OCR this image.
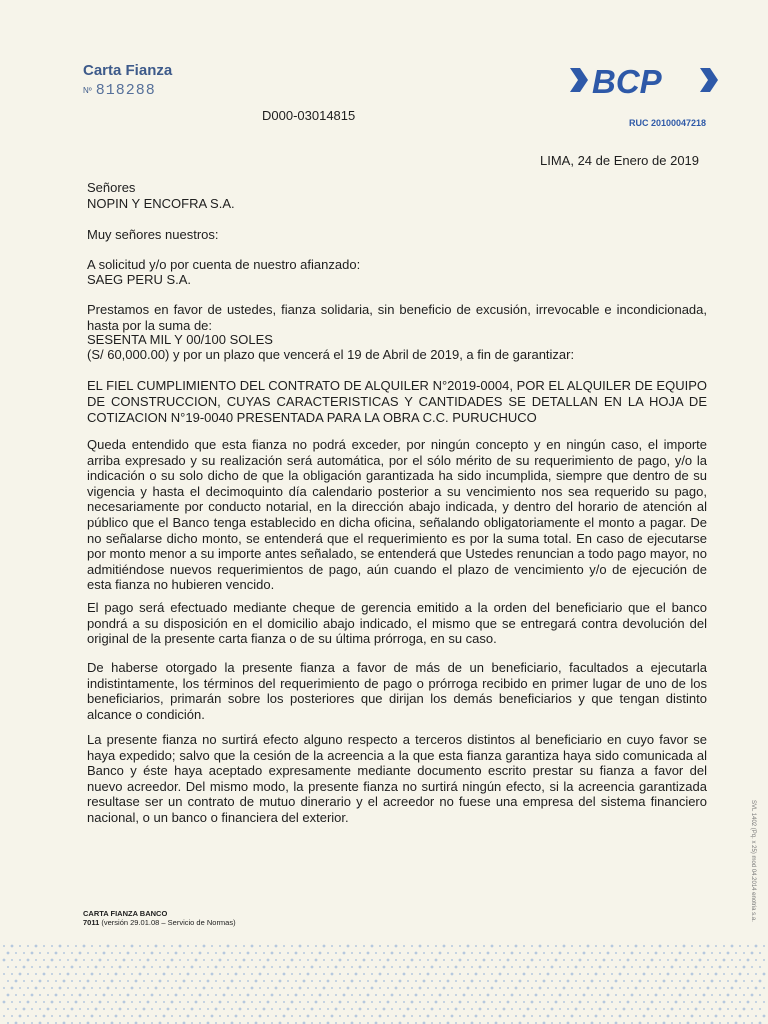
Carta Fianza
Nº 818288	BCP
RUC 20100047218
D000-03014815
LIMA, 24 de Enero de 2019
Señores
NOPIN Y ENCOFRA S.A.
Muy señores nuestros:
A solicitud y/o por cuenta de nuestro afianzado:
SAEG PERU S.A.
Prestamos en favor de ustedes, fianza solidaria, sin beneficio de excusión, irrevocable e incondicionada, hasta por la suma de:
SESENTA MIL Y 00/100 SOLES
(S/ 60,000.00) y por un plazo que vencerá el 19 de Abril de 2019, a fin de garantizar:
EL FIEL CUMPLIMIENTO DEL CONTRATO DE ALQUILER N°2019-0004, POR EL ALQUILER DE EQUIPO DE CONSTRUCCION, CUYAS CARACTERISTICAS Y CANTIDADES SE DETALLAN EN LA HOJA DE COTIZACION N°19-0040 PRESENTADA PARA LA OBRA C.C. PURUCHUCO
Queda entendido que esta fianza no podrá exceder, por ningún concepto y en ningún caso, el importe arriba expresado y su realización será automática, por el sólo mérito de su requerimiento de pago, y/o la indicación o su solo dicho de que la obligación garantizada ha sido incumplida, siempre que dentro de su vigencia y hasta el decimoquinto día calendario posterior a su vencimiento nos sea requerido su pago, necesariamente por conducto notarial, en la dirección abajo indicada, y dentro del horario de atención al público que el Banco tenga establecido en dicha oficina, señalando obligatoriamente el monto a pagar. De no señalarse dicho monto, se entenderá que el requerimiento es por la suma total. En caso de ejecutarse por monto menor a su importe antes señalado, se entenderá que Ustedes renuncian a todo pago mayor, no admitiéndose nuevos requerimientos de pago, aún cuando el plazo de vencimiento y/o de ejecución de esta fianza no hubieren vencido.
El pago será efectuado mediante cheque de gerencia emitido a la orden del beneficiario que el banco pondrá a su disposición en el domicilio abajo indicado, el mismo que se entregará contra devolución del original de la presente carta fianza o de su última prórroga, en su caso.
De haberse otorgado la presente fianza a favor de más de un beneficiario, facultados a ejecutarla indistintamente, los términos del requerimiento de pago o prórroga recibido en primer lugar de uno de los beneficiarios, primarán sobre los posteriores que dirijan los demás beneficiarios y que tengan distinto alcance o condición.
La presente fianza no surtirá efecto alguno respecto a terceros distintos al beneficiario en cuyo favor se haya expedido; salvo que la cesión de la acreencia a la que esta fianza garantiza haya sido comunicada al Banco y éste haya aceptado expresamente mediante documento escrito prestar su fianza a favor del nuevo acreedor. Del mismo modo, la presente fianza no surtirá ningún efecto, si la acreencia garantizada resultase ser un contrato de mutuo dinerario y el acreedor no fuese una empresa del sistema financiero nacional, o un banco o financiera del exterior.
CARTA FIANZA BANCO
7011 (versión 29.01.08 – Servicio de Normas)
SVL 1402 (Pq. x 25) mod 04.2014 enotria s.a.
